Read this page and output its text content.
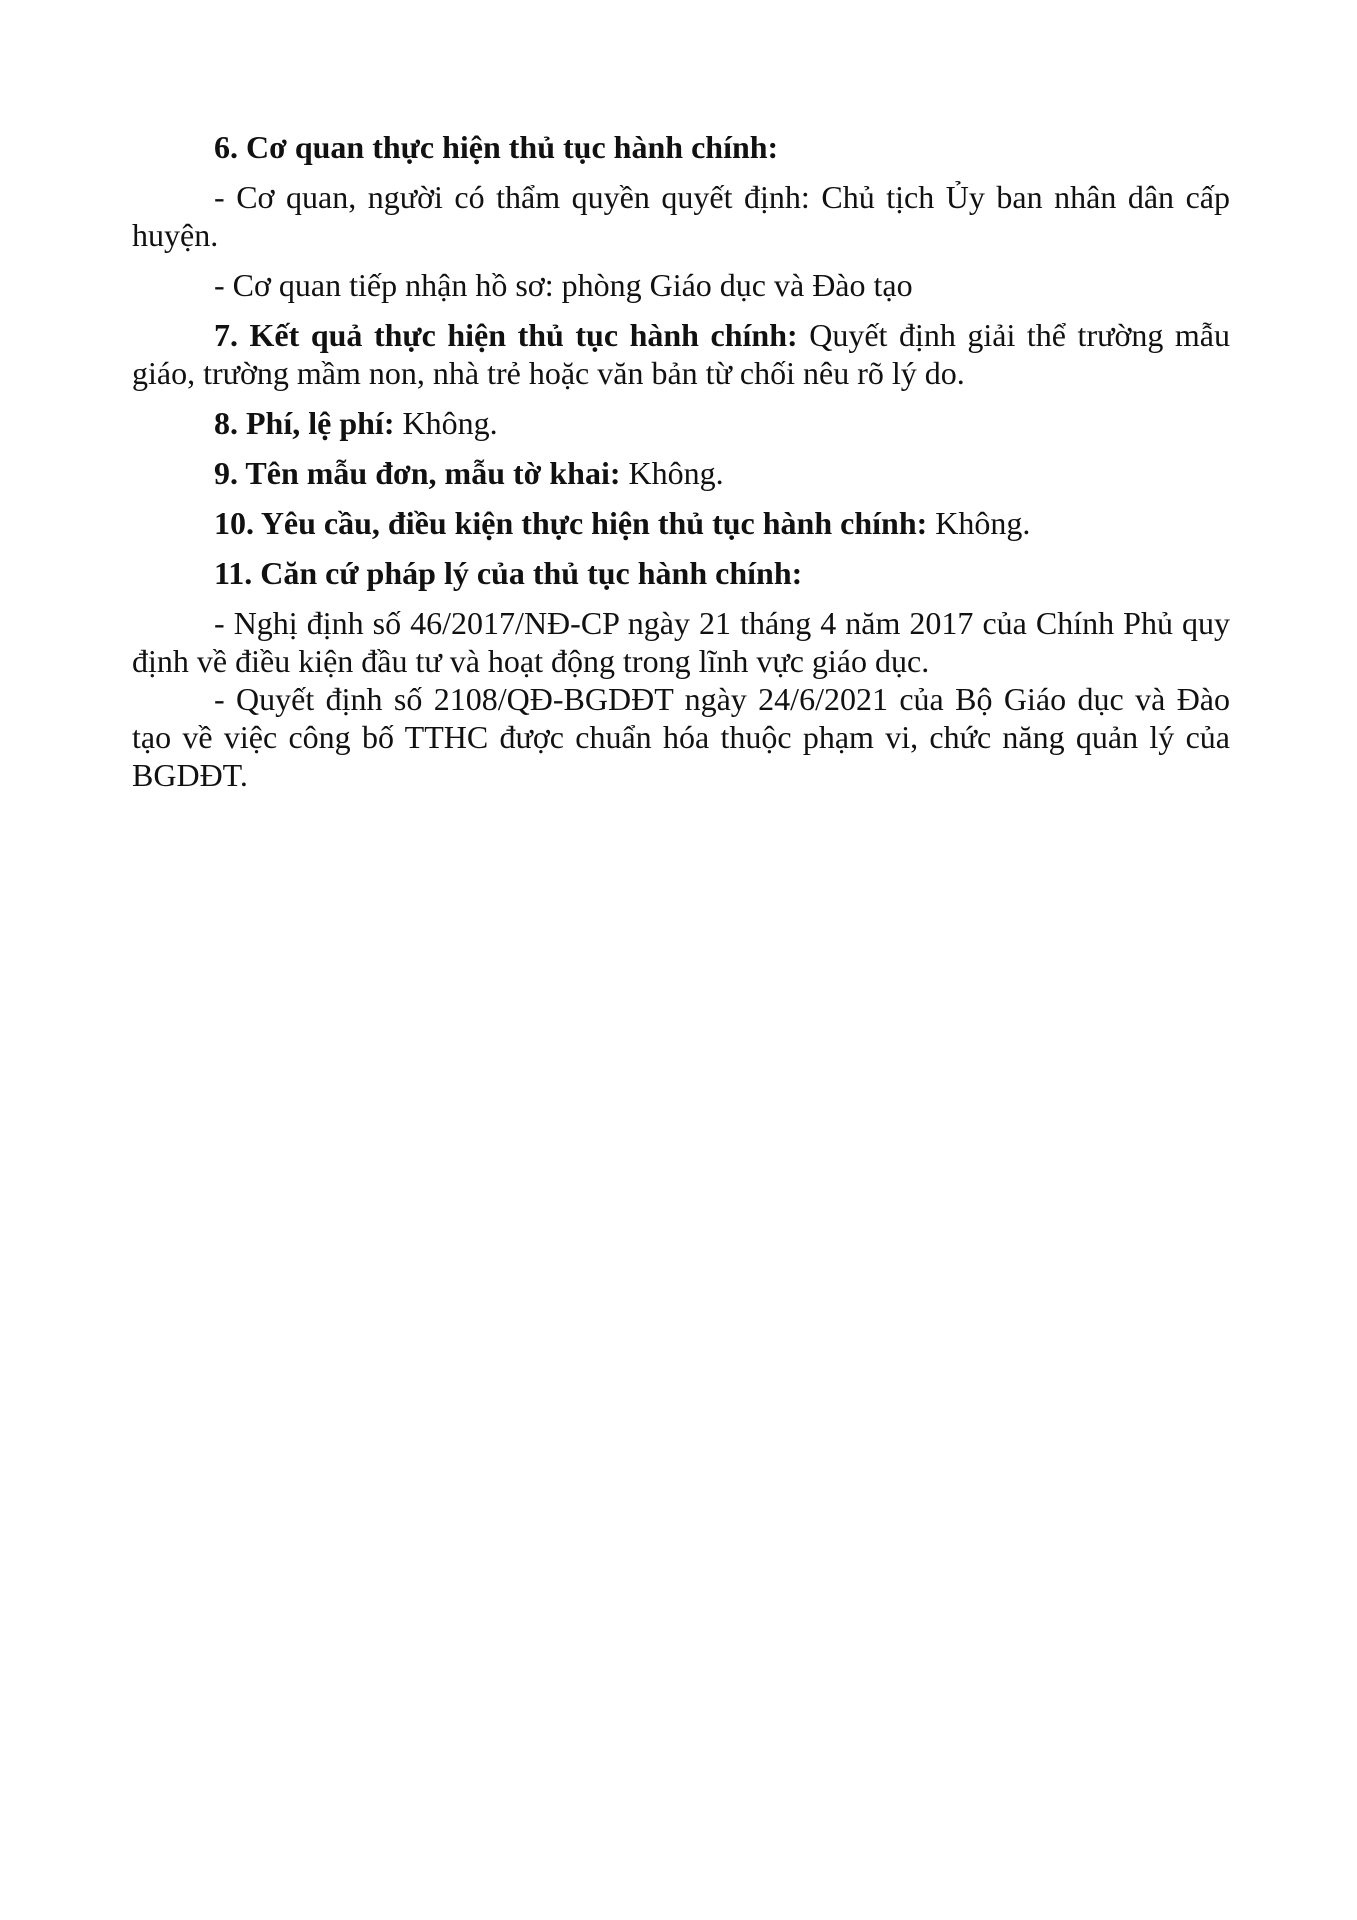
6. Cơ quan thực hiện thủ tục hành chính:

- Cơ quan, người có thẩm quyền quyết định: Chủ tịch Ủy ban nhân dân cấp huyện.

- Cơ quan tiếp nhận hồ sơ: phòng Giáo dục và Đào tạo

7. Kết quả thực hiện thủ tục hành chính: Quyết định giải thể trường mẫu giáo, trường mầm non, nhà trẻ hoặc văn bản từ chối nêu rõ lý do.

8. Phí, lệ phí: Không.

9. Tên mẫu đơn, mẫu tờ khai: Không.

10. Yêu cầu, điều kiện thực hiện thủ tục hành chính: Không.

11. Căn cứ pháp lý của thủ tục hành chính:

- Nghị định số 46/2017/NĐ-CP ngày 21 tháng 4 năm 2017 của Chính Phủ quy định về điều kiện đầu tư và hoạt động trong lĩnh vực giáo dục.

- Quyết định số 2108/QĐ-BGDĐT ngày 24/6/2021 của Bộ Giáo dục và Đào tạo về việc công bố TTHC được chuẩn hóa thuộc phạm vi, chức năng quản lý của BGDĐT.
